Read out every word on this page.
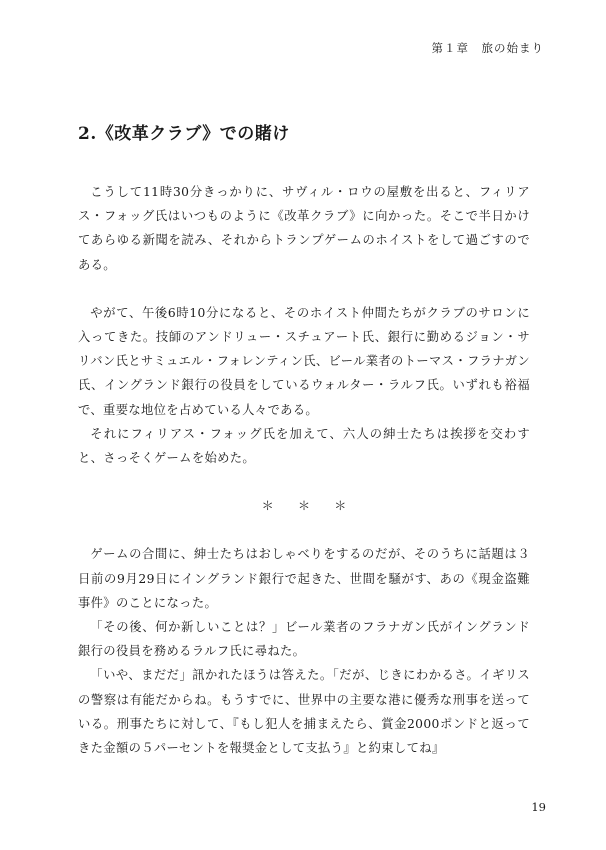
第１章　旅の始まり
2.《改革クラブ》での賭け

こうして11時30分きっかりに、サヴィル・ロウの屋敷を出ると、フィリアス・フォッグ氏はいつものように《改革クラブ》に向かった。そこで半日かけてあらゆる新聞を読み、それからトランプゲームのホイストをして過ごすのである。

やがて、午後6時10分になると、そのホイスト仲間たちがクラブのサロンに入ってきた。技師のアンドリュー・スチュアート氏、銀行に勤めるジョン・サリバン氏とサミュエル・フォレンティン氏、ビール業者のトーマス・フラナガン氏、イングランド銀行の役員をしているウォルター・ラルフ氏。いずれも裕福で、重要な地位を占めている人々である。

それにフィリアス・フォッグ氏を加えて、六人の紳士たちは挨拶を交わすと、さっそくゲームを始めた。

＊＊＊

ゲームの合間に、紳士たちはおしゃべりをするのだが、そのうちに話題は３日前の9月29日にイングランド銀行で起きた、世間を騒がす、あの《現金盗難事件》のことになった。

「その後、何か新しいことは？」ビール業者のフラナガン氏がイングランド銀行の役員を務めるラルフ氏に尋ねた。

「いや、まだだ」訊かれたほうは答えた。「だが、じきにわかるさ。イギリスの警察は有能だからね。もうすでに、世界中の主要な港に優秀な刑事を送っている。刑事たちに対して、『もし犯人を捕まえたら、賞金2000ポンドと返ってきた金額の５パーセントを報奨金として支払う』と約束してね』

19
